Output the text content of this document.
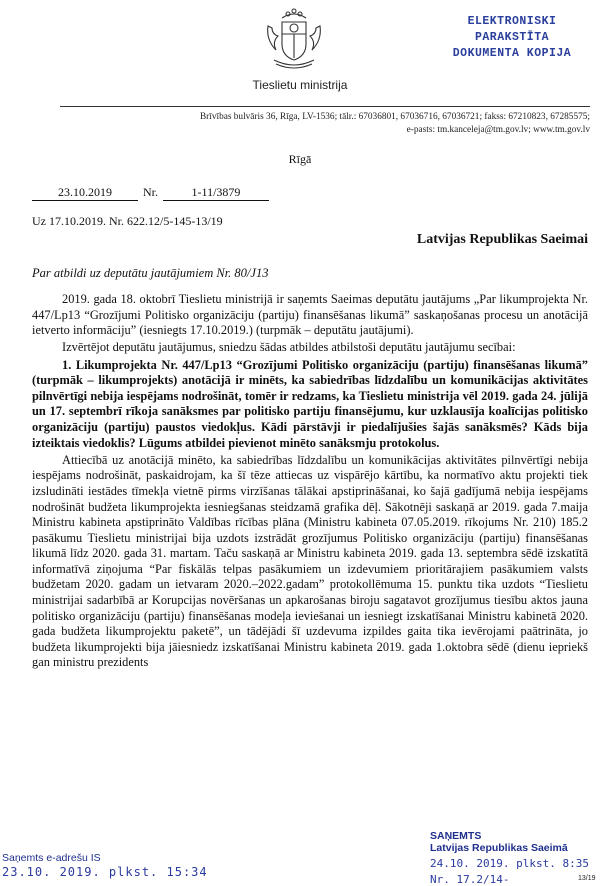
Tieslietu ministrija
ELEKTRONISKI PARAKSTĪTA
DOKUMENTA KOPIJA
Brīvības bulvāris 36, Rīga, LV-1536; tālr.: 67036801, 67036716, 67036721; fakss: 67210823, 67285575;
e-pasts: tm.kanceleja@tm.gov.lv; www.tm.gov.lv
Rīgā
23.10.2019	Nr.	1-11/3879
Uz 17.10.2019. Nr. 622.12/5-145-13/19
Latvijas Republikas Saeimai
Par atbildi uz deputātu jautājumiem Nr. 80/J13

2019. gada 18. oktobrī Tieslietu ministrijā ir saņemts Saeimas deputātu jautājums „Par likumprojekta Nr. 447/Lp13 “Grozījumi Politisko organizāciju (partiju) finansēšanas likumā” saskaņošanas procesu un anotācijā ietverto informāciju” (iesniegts 17.10.2019.) (turpmāk – deputātu jautājumi).

Izvērtējot deputātu jautājumus, sniedzu šādas atbildes atbilstoši deputātu jautājumu secībai:

1. Likumprojekta Nr. 447/Lp13 “Grozījumi Politisko organizāciju (partiju) finansēšanas likumā” (turpmāk – likumprojekts) anotācijā ir minēts, ka sabiedrības līdzdalību un komunikācijas aktivitātes pilnvērtīgi nebija iespējams nodrošināt, tomēr ir redzams, ka Tieslietu ministrija vēl 2019. gada 24. jūlijā un 17. septembrī rīkoja sanāksmes par politisko partiju finansējumu, kur uzklausīja koalīcijas politisko organizāciju (partiju) paustos viedokļus. Kādi pārstāvji ir piedalījušies šajās sanāksmēs? Kāds bija izteiktais viedoklis? Lūgums atbildei pievienot minēto sanāksmju protokolus.

Attiecībā uz anotācijā minēto, ka sabiedrības līdzdalību un komunikācijas aktivitātes pilnvērtīgi nebija iespējams nodrošināt, paskaidrojam, ka šī tēze attiecas uz vispārējo kārtību, ka normatīvo aktu projekti tiek izsludināti iestādes tīmekļa vietnē pirms virzīšanas tālākai apstiprināšanai, ko šajā gadījumā nebija iespējams nodrošināt budžeta likumprojekta iesniegšanas steidzamā grafika dēļ. Sākotnēji saskaņā ar 2019. gada 7.maija Ministru kabineta apstiprināto Valdības rīcības plāna (Ministru kabineta 07.05.2019. rīkojums Nr. 210) 185.2 pasākumu Tieslietu ministrijai bija uzdots izstrādāt grozījumus Politisko organizāciju (partiju) finansēšanas likumā līdz 2020. gada 31. martam. Taču saskaņā ar Ministru kabineta 2019. gada 13. septembra sēdē izskatītā informatīvā ziņojuma “Par fiskālās telpas pasākumiem un izdevumiem prioritārajiem pasākumiem valsts budžetam 2020. gadam un ietvaram 2020.–2022.gadam” protokollēmuma 15. punktu tika uzdots “Tieslietu ministrijai sadarbībā ar Korupcijas novēršanas un apkarošanas biroju sagatavot grozījumus tiesību aktos jauna politisko organizāciju (partiju) finansēšanas modeļa ieviešanai un iesniegt izskatīšanai Ministru kabinetā 2020. gada budžeta likumprojektu paketē”, un tādējādi šī uzdevuma izpildes gaita tika ievērojami paātrināta, jo budžeta likumprojekti bija jāiesniedz izskatīšanai Ministru kabineta 2019. gada 1.oktobra sēdē (dienu iepriekš gan ministru prezidents

Saņemts e-adrešu IS
23.10. 2019. plkst. 15:34
SAŅEMTS
Latvijas Republikas Saeimā
24.10. 2019. plkst. 8:35
Nr. 17.2/14-	13/19
